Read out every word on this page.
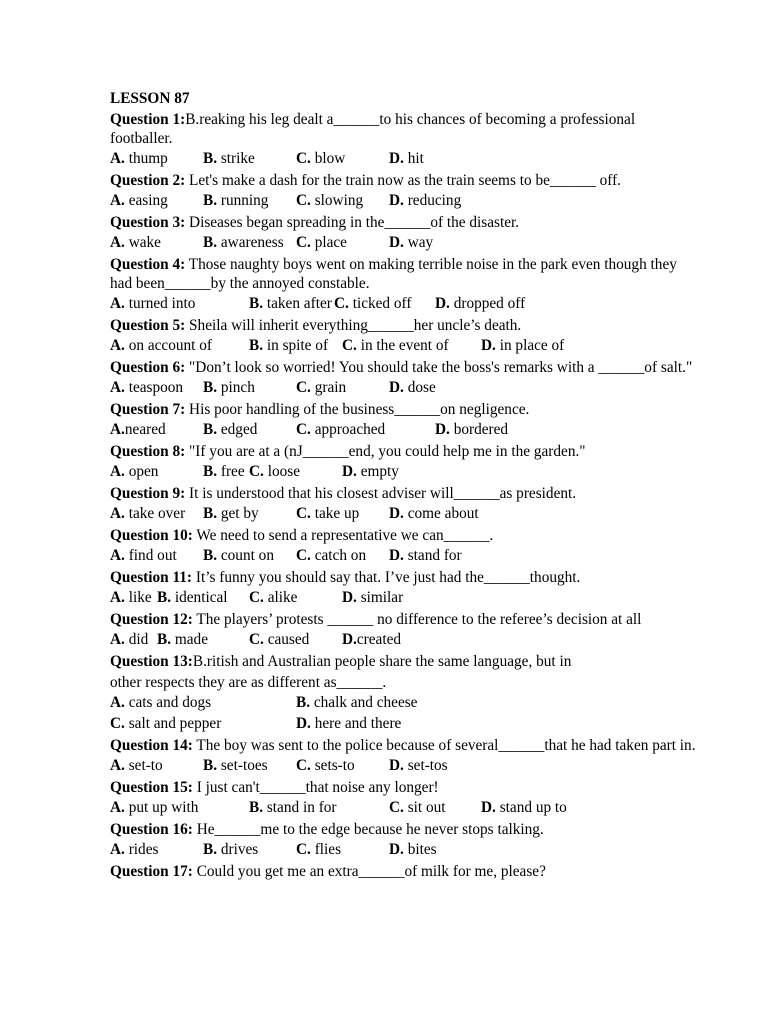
LESSON 87
Question 1:B.reaking his leg dealt a______to his chances of becoming a professional footballer.
A. thump B. strike	C. blow	D. hit
Question 2: Let's make a dash for the train now as the train seems to be______ off.
A. easing B. running C. slowing D. reducing
Question 3: Diseases began spreading in the______of the disaster.
A. wake	B. awareness C. place	D. way
Question 4: Those naughty boys went on making terrible noise in the park even though they had been______by the annoyed constable.
A. turned into	B. taken after C. ticked off D. dropped off
Question 5: Sheila will inherit everything______her uncle’s death.
A. on account of B. in spite of C. in the event of D. in place of
Question 6: "Don’t look so worried! You should take the boss's remarks with a ______of salt."
A. teaspoon B. pinch	C. grain	D. dose
Question 7: His poor handling of the business______on negligence.
A.neared B. edged	C. approached	D. bordered
Question 8: "If you are at a (nJ______end, you could help me in the garden."
A. open	B. free C. loose	D. empty
Question 9: It is understood that his closest adviser will______as president.
A. take over B. get by C. take up D. come about
Question 10: We need to send a representative we can______.
A. find out B. count on C. catch on D. stand for
Question 11: It’s funny you should say that. I’ve just had the______thought.
A. like B. identical C. alike	D. similar
Question 12: The players’ protests ______ no difference to the referee’s decision at all
A. did B. made	C. caused D.created
Question 13:B.ritish and Australian people share the same language, but in
other respects they are as different as______.
A. cats and dogs	B. chalk and cheese
C. salt and pepper	D. here and there
Question 14: The boy was sent to the police because of several______that he had taken part in.
A. set-to	B. set-toes C. sets-to D. set-tos
Question 15: I just can't______that noise any longer!
A. put up with	B. stand in for	C. sit out D. stand up to
Question 16: He______me to the edge because he never stops talking.
A. rides	B. drives C. flies	D. bites
Question 17: Could you get me an extra______of milk for me, please?
